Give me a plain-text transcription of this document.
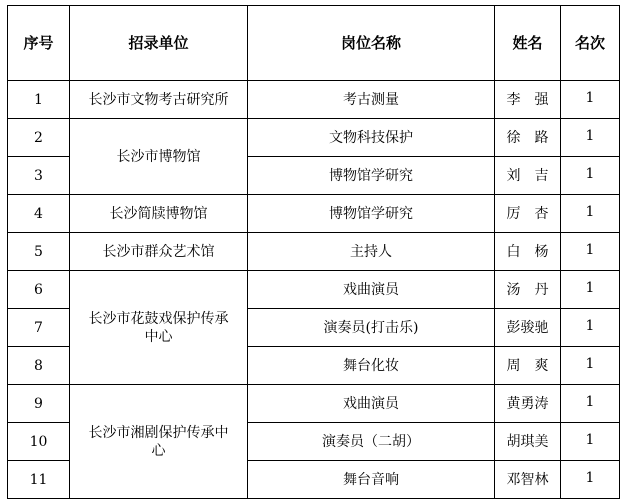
序号	招录单位	岗位名称	姓名	名次
1	长沙市文物考古研究所	考古测量	李　强	1
2	长沙市博物馆	文物科技保护	徐　路	1
3		博物馆学研究	刘　吉	1
4	长沙简牍博物馆	博物馆学研究	厉　杏	1
5	长沙市群众艺术馆	主持人	白　杨	1
6	长沙市花鼓戏保护传承中心	戏曲演员	汤　丹	1
7		演奏员(打击乐)	彭骏驰	1
8		舞台化妆	周　爽	1
9	长沙市湘剧保护传承中心	戏曲演员	黄勇涛	1
10		演奏员（二胡）	胡琪美	1
11		舞台音响	邓智林	1
